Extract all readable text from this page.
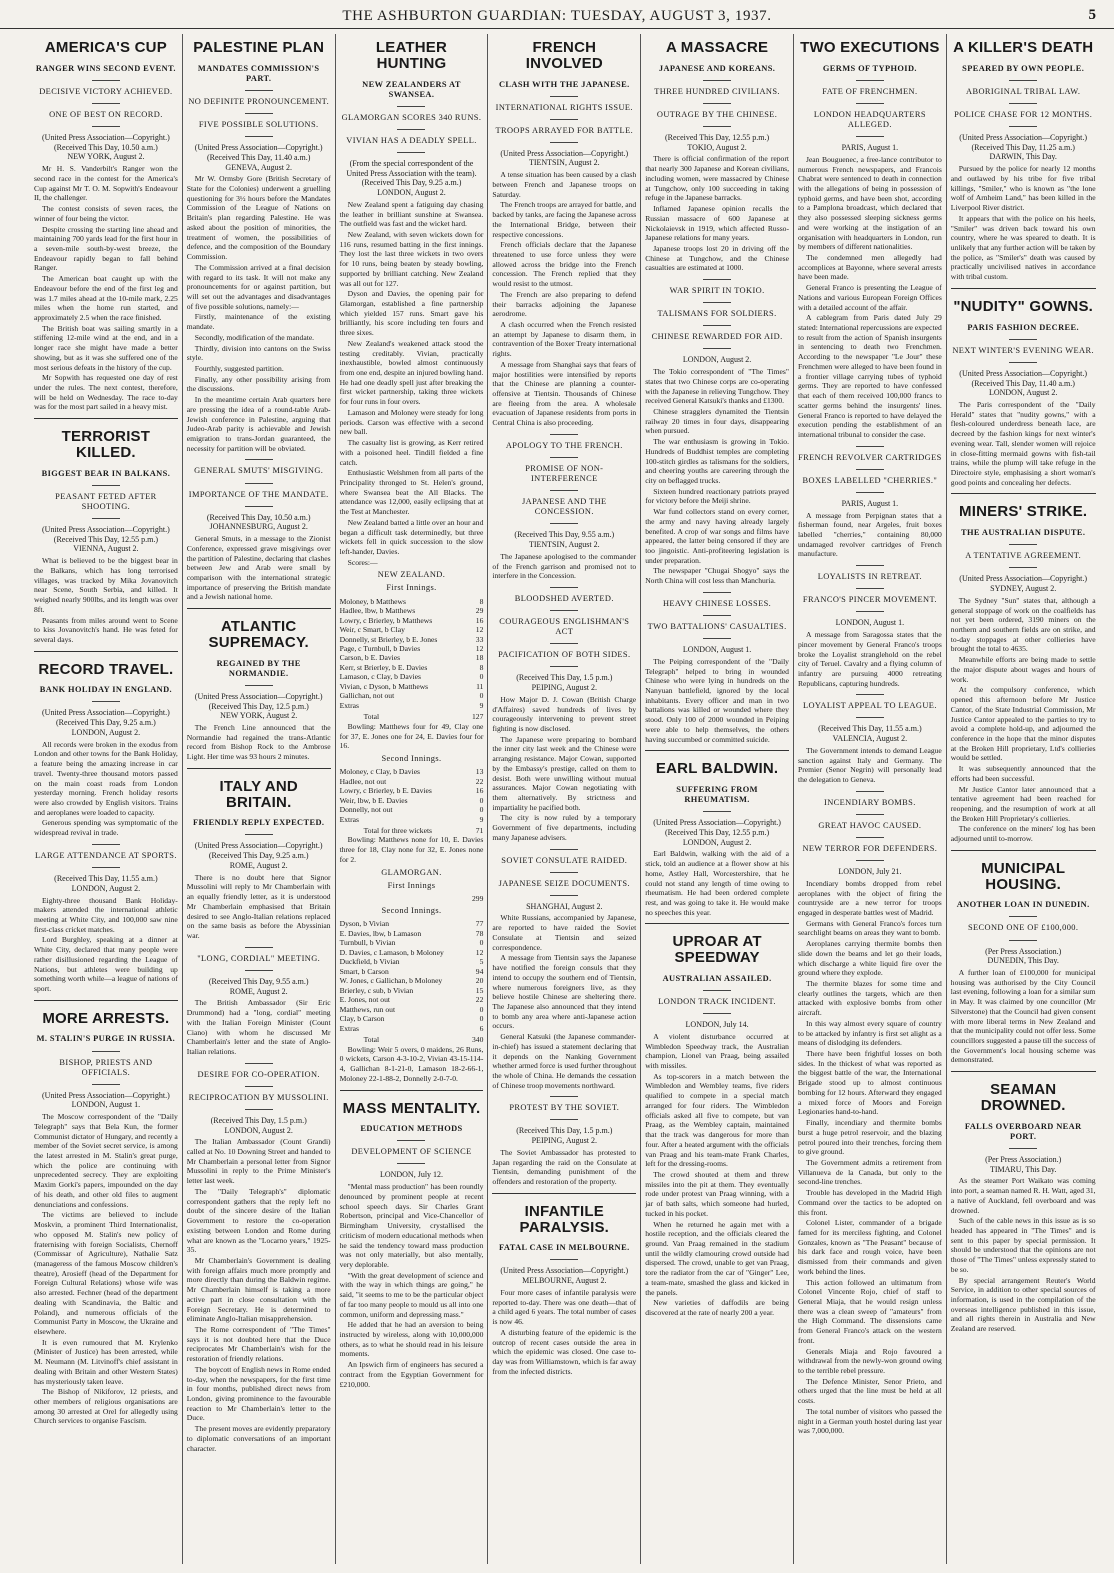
THE ASHBURTON GUARDIAN: TUESDAY, AUGUST 3, 1937.	5
AMERICA'S CUP
RANGER WINS SECOND EVENT.
DECISIVE VICTORY ACHIEVED.
ONE OF BEST ON RECORD.
(United Press Association—Copyright.)
(Received This Day, 10.50 a.m.)
NEW YORK, August 2.

Mr H. S. Vanderbilt's Ranger won the second race in the contest for the America's Cup against Mr T. O. M. Sopwith's Endeavour II, the challenger.

The contest consists of seven races, the winner of four being the victor.

Despite crossing the starting line ahead and maintaining 700 yards lead for the first hour in a seven-mile south-by-west breeze, the Endeavour rapidly began to fall behind Ranger.

The American boat caught up with the Endeavour before the end of the first leg and was 1.7 miles ahead at the 10-mile mark, 2.25 miles when the home run started, and approximately 2.5 when the race finished.

The British boat was sailing smartly in a stiffening 12-mile wind at the end, and in a longer race she might have made a better showing, but as it was she suffered one of the most serious defeats in the history of the cup.

Mr Sopwith has requested one day of rest under the rules. The next contest, therefore, will be held on Wednesday. The race to-day was for the most part sailed in a heavy mist.

TERRORIST KILLED.
BIGGEST BEAR IN BALKANS.
PEASANT FETED AFTER SHOOTING.
(United Press Association—Copyright.)
(Received This Day, 12.55 p.m.)
VIENNA, August 2.

What is believed to be the biggest bear in the Balkans, which has long terrorised villages, was tracked by Mika Jovanovitch near Scene, South Serbia, and killed. It weighed nearly 900lbs, and its length was over 8ft.

Peasants from miles around went to Scene to kiss Jovanovitch's hand. He was feted for several days.

RECORD TRAVEL.
BANK HOLIDAY IN ENGLAND.
(United Press Association—Copyright.)
(Received This Day, 9.25 a.m.)
LONDON, August 2.

All records were broken in the exodus from London and other towns for the Bank Holiday, a feature being the amazing increase in car travel. Twenty-three thousand motors passed on the main coast roads from London yesterday morning. French holiday resorts were also crowded by English visitors. Trains and aeroplanes were loaded to capacity.

Generous spending was symptomatic of the widespread revival in trade.

LARGE ATTENDANCE AT SPORTS.
(Received This Day, 11.55 a.m.)
LONDON, August 2.

Eighty-three thousand Bank Holiday-makers attended the international athletic meeting at White City, and 100,000 saw nine first-class cricket matches.

Lord Burghley, speaking at a dinner at White City, declared that many people were rather disillusioned regarding the League of Nations, but athletes were building up something worth while—a league of nations of sport.

MORE ARRESTS.
M. STALIN'S PURGE IN RUSSIA.
BISHOP, PRIESTS AND OFFICIALS.
(United Press Association—Copyright.)
LONDON, August 1.

The Moscow correspondent of the "Daily Telegraph" says that Bela Kun, the former Communist dictator of Hungary, and recently a member of the Soviet secret service, is among the latest arrested in M. Stalin's great purge, which the police are continuing with unprecedented secrecy. They are exploiting Maxim Gorki's papers, impounded on the day of his death, and other old files to augment denunciations and confessions.

The victims are believed to include Moskvin, a prominent Third Internationalist, who opposed M. Stalin's new policy of fraternising with foreign Socialists, Chernoff (Commissar of Agriculture), Nathalie Satz (manageress of the famous Moscow children's theatre), Arosieff (head of the Department for Foreign Cultural Relations) whose wife was also arrested. Fechner (head of the department dealing with Scandinavia, the Baltic and Poland), and numerous officials of the Communist Party in Moscow, the Ukraine and elsewhere.

It is even rumoured that M. Krylenko (Minister of Justice) has been arrested, while M. Neumann (M. Litvinoff's chief assistant in dealing with Britain and other Western States) has mysteriously taken leave.

The Bishop of Nikiforov, 12 priests, and other members of religious organisations are among 30 arrested at Orel for allegedly using Church services to organise Fascism.

PALESTINE PLAN
MANDATES COMMISSION'S PART.
NO DEFINITE PRONOUNCEMENT.
FIVE POSSIBLE SOLUTIONS.
(United Press Association—Copyright.)
(Received This Day, 11.40 a.m.)
GENEVA, August 2.

Mr W. Ormsby Gore (British Secretary of State for the Colonies) underwent a gruelling questioning for 3½ hours before the Mandates Commission of the League of Nations on Britain's plan regarding Palestine. He was asked about the position of minorities, the treatment of women, the possibilities of defence, and the composition of the Boundary Commission.

The Commission arrived at a final decision with regard to its task. It will not make any pronouncements for or against partition, but will set out the advantages and disadvantages of five possible solutions, namely:—

Firstly, maintenance of the existing mandate.

Secondly, modification of the mandate.

Thirdly, division into cantons on the Swiss style.

Fourthly, suggested partition.

Finally, any other possibility arising from the discussions.

In the meantime certain Arab quarters here are pressing the idea of a round-table Arab-Jewish conference in Palestine, arguing that Judeo-Arab parity is achievable and Jewish emigration to trans-Jordan guaranteed, the necessity for partition will be obviated.

GENERAL SMUTS' MISGIVING.
IMPORTANCE OF THE MANDATE.
(Received This Day, 10.50 a.m.)
JOHANNESBURG, August 2.

General Smuts, in a message to the Zionist Conference, expressed grave misgivings over the partition of Palestine, declaring that clashes between Jew and Arab were small by comparison with the international strategic importance of preserving the British mandate and a Jewish national home.

ATLANTIC SUPREMACY.
REGAINED BY THE NORMANDIE.
(United Press Association—Copyright.)
(Received This Day, 12.5 p.m.)
NEW YORK, August 2.

The French Line announced that the Normandie had regained the trans-Atlantic record from Bishop Rock to the Ambrose Light. Her time was 93 hours 2 minutes.

ITALY AND BRITAIN.
FRIENDLY REPLY EXPECTED.
(United Press Association—Copyright.)
(Received This Day, 9.25 a.m.)
ROME, August 2.

There is no doubt here that Signor Mussolini will reply to Mr Chamberlain with an equally friendly letter, as it is understood Mr Chamberlain emphasised that Britain desired to see Anglo-Italian relations replaced on the same basis as before the Abyssinian war.

"LONG, CORDIAL" MEETING.
(Received This Day, 9.55 a.m.)
ROME, August 2.

The British Ambassador (Sir Eric Drummond) had a "long, cordial" meeting with the Italian Foreign Minister (Count Ciano) with whom he discussed Mr Chamberlain's letter and the state of Anglo-Italian relations.

DESIRE FOR CO-OPERATION.
RECIPROCATION BY MUSSOLINI.
(Received This Day, 1.5 p.m.)
LONDON, August 2.

The Italian Ambassador (Count Grandi) called at No. 10 Downing Street and handed to Mr Chamberlain a personal letter from Signor Mussolini in reply to the Prime Minister's letter last week.

The "Daily Telegraph's" diplomatic correspondent gathers that the reply left no doubt of the sincere desire of the Italian Government to restore the co-operation existing between London and Rome during what are known as the "Locarno years," 1925-35.

Mr Chamberlain's Government is dealing with foreign affairs much more promptly and more directly than during the Baldwin regime. Mr Chamberlain himself is taking a more active part in close consultation with the Foreign Secretary. He is determined to eliminate Anglo-Italian misapprehension.

The Rome correspondent of "The Times" says it is not doubted here that the Duce reciprocates Mr Chamberlain's wish for the restoration of friendly relations.

The boycott of English news in Rome ended to-day, when the newspapers, for the first time in four months, published direct news from London, giving prominence to the favourable reaction to Mr Chamberlain's letter to the Duce.

The present moves are evidently preparatory to diplomatic conversations of an important character.

LEATHER HUNTING
NEW ZEALANDERS AT SWANSEA.
GLAMORGAN SCORES 340 RUNS.
VIVIAN HAS A DEADLY SPELL.
(From the special correspondent of the United Press Association with the team).
(Received This Day, 9.25 a.m.)
LONDON, August 2.

New Zealand spent a fatiguing day chasing the leather in brilliant sunshine at Swansea. The outfield was fast and the wicket hard.

New Zealand, with seven wickets down for 116 runs, resumed batting in the first innings. They lost the last three wickets in two overs for 10 runs, being beaten by steady bowling, supported by brilliant catching. New Zealand was all out for 127.

Dyson and Davies, the opening pair for Glamorgan, established a fine partnership which yielded 157 runs. Smart gave his brilliantly, his score including ten fours and three sixes.

New Zealand's weakened attack stood the testing creditably. Vivian, practically inexhaustible, bowled almost continuously from one end, despite an injured bowling hand. He had one deadly spell just after breaking the first wicket partnership, taking three wickets for four runs in four overs.

Lamason and Moloney were steady for long periods. Carson was effective with a second new ball.

The casualty list is growing, as Kerr retired with a poisoned heel. Tindill fielded a fine catch.

Enthusiastic Welshmen from all parts of the Principality thronged to St. Helen's ground, where Swansea beat the All Blacks. The attendance was 12,000, easily eclipsing that at the Test at Manchester.

New Zealand batted a little over an hour and began a difficult task determinedly, but three wickets fell in quick succession to the slow left-hander, Davies.

Scores:—

NEW ZEALAND.
First Innings.
Moloney, b Matthews	8
Hadlee, lbw, b Matthews	29
Lowry, c Brierley, b Matthews	16
Weir, c Smart, b Clay	12
Donnelly, st Brierley, b E. Jones	33
Page, c Turnbull, b Davies	12
Carson, b E. Davies	18
Kerr, st Brierley, b E. Davies	8
Lamason, c Clay, b Davies	0
Vivian, c Dyson, b Matthews	11
Gallichan, not out	0
Extras	9
Total	127

Bowling: Matthews four for 49, Clay one for 37, E. Jones one for 24, E. Davies four for 16.

Second Innings.
Moloney, c Clay, b Davies	13
Hadlee, not out	22
Lowry, c Brierley, b E. Davies	16
Weir, lbw, b E. Davies	0
Donnelly, not out	0
Extras	9
Total for three wickets	71

Bowling: Matthews none for 10, E. Davies three for 18, Clay none for 32, E. Jones none for 2.

GLAMORGAN.
First Innings
299
Second Innings.
Dyson, b Vivian	77
E. Davies, lbw, b Lamason	78
Turnbull, b Vivian	0
D. Davies, c Lamason, b Moloney	12
Duckfield, b Vivian	5
Smart, b Carson	94
W. Jones, c Gallichan, b Moloney	20
Brierley, c sub, b Vivian	15
E. Jones, not out	22
Matthews, run out	0
Clay, b Carson	0
Extras	6
Total	340

Bowling: Weir 5 overs, 0 maidens, 26 Runs, 0 wickets, Carson 4-3-10-2, Vivian 43-15-114-4, Gallichan 8-1-21-0, Lamason 18-2-66-1, Moloney 22-1-88-2, Donnelly 2-0-7-0.

MASS MENTALITY.
EDUCATION METHODS
DEVELOPMENT OF SCIENCE
LONDON, July 12.

"Mental mass production" has been roundly denounced by prominent people at recent school speech days. Sir Charles Grant Robertson, principal and Vice-Chancellor of Birmingham University, crystallised the criticism of modern educational methods when he said the tendency toward mass production was not only materially, but also mentally, very deplorable.

"With the great development of science and with the way in which things are going," he said, "it seems to me to be the particular object of far too many people to mould us all into one common, uniform and depressing mass."

He added that he had an aversion to being instructed by wireless, along with 10,000,000 others, as to what he should read in his leisure moments.

An Ipswich firm of engineers has secured a contract from the Egyptian Government for £210,000.

FRENCH INVOLVED
CLASH WITH THE JAPANESE.
INTERNATIONAL RIGHTS ISSUE.
TROOPS ARRAYED FOR BATTLE.
(United Press Association—Copyright.)
TIENTSIN, August 2.

A tense situation has been caused by a clash between French and Japanese troops on Saturday.

The French troops are arrayed for battle, and backed by tanks, are facing the Japanese across the International Bridge, between their respective concessions.

French officials declare that the Japanese threatened to use force unless they were allowed across the bridge into the French concession. The French replied that they would resist to the utmost.

The French are also preparing to defend their barracks adjoining the Japanese aerodrome.

A clash occurred when the French resisted an attempt by Japanese to disarm them, in contravention of the Boxer Treaty international rights.

A message from Shanghai says that fears of major hostilities were intensified by reports that the Chinese are planning a counter-offensive at Tientsin. Thousands of Chinese are fleeing from the area. A wholesale evacuation of Japanese residents from ports in Central China is also proceeding.

APOLOGY TO THE FRENCH.
PROMISE OF NON-INTERFERENCE
JAPANESE AND THE CONCESSION.
(Received This Day, 9.55 a.m.)
TIENTSIN, August 2.

The Japanese apologised to the commander of the French garrison and promised not to interfere in the Concession.

BLOODSHED AVERTED.
COURAGEOUS ENGLISHMAN'S ACT
PACIFICATION OF BOTH SIDES.
(Received This Day, 1.5 p.m.)
PEIPING, August 2.

How Major D. J. Cowan (British Charge d'Affaires) saved hundreds of lives by courageously intervening to prevent street fighting is now disclosed.

The Japanese were preparing to bombard the inner city last week and the Chinese were arranging resistance. Major Cowan, supported by the Embassy's prestige, called on them to desist. Both were unwilling without mutual assurances. Major Cowan negotiating with them alternatively. By strictness and impartiality he pacified both.

The city is now ruled by a temporary Government of five departments, including many Japanese advisers.

SOVIET CONSULATE RAIDED.
JAPANESE SEIZE DOCUMENTS.
SHANGHAI, August 2.

White Russians, accompanied by Japanese, are reported to have raided the Soviet Consulate at Tientsin and seized correspondence.

A message from Tientsin says the Japanese have notified the foreign consuls that they intend to occupy the southern end of Tientsin, where numerous foreigners live, as they believe hostile Chinese are sheltering there. The Japanese also announced that they intend to bomb any area where anti-Japanese action occurs.

General Katsuki (the Japanese commander-in-chief) has issued a statement declaring that it depends on the Nanking Government whether armed force is used further throughout the whole of China. He demands the cessation of Chinese troop movements northward.

PROTEST BY THE SOVIET.
(Received This Day, 1.5 p.m.)
PEIPING, August 2.

The Soviet Ambassador has protested to Japan regarding the raid on the Consulate at Tientsin, demanding punishment of the offenders and restoration of the property.

INFANTILE PARALYSIS.
FATAL CASE IN MELBOURNE.
(United Press Association—Copyright.)
MELBOURNE, August 2.

Four more cases of infantile paralysis were reported to-day. There was one death—that of a child aged 6 years. The total number of cases is now 46.

A disturbing feature of the epidemic is the outcrop of recent cases outside the area in which the epidemic was closed. One case to-day was from Williamstown, which is far away from the infected districts.

A MASSACRE
JAPANESE AND KOREANS.
THREE HUNDRED CIVILIANS.
OUTRAGE BY THE CHINESE.
(Received This Day, 12.55 p.m.)
TOKIO, August 2.

There is official confirmation of the report that nearly 300 Japanese and Korean civilians, including women, were massacred by Chinese at Tungchow, only 100 succeeding in taking refuge in the Japanese barracks.

Inflamed Japanese opinion recalls the Russian massacre of 600 Japanese at Nickolaievsk in 1919, which affected Russo-Japanese relations for many years.

Japanese troops lost 20 in driving off the Chinese at Tungchow, and the Chinese casualties are estimated at 1000.

WAR SPIRIT IN TOKIO.
TALISMANS FOR SOLDIERS.
CHINESE REWARDED FOR AID.
LONDON, August 2.

The Tokio correspondent of "The Times" states that two Chinese corps are co-operating with the Japanese in relieving Tungchow. They received General Katsuki's thanks and £1300.

Chinese stragglers dynamited the Tientsin railway 20 times in four days, disappearing when pursued.

The war enthusiasm is growing in Tokio. Hundreds of Buddhist temples are completing 100-stitch girdles as talismans for the soldiers, and cheering youths are careering through the city on beflagged trucks.

Sixteen hundred reactionary patriots prayed for victory before the Meiji shrine.

War fund collectors stand on every corner, the army and navy having already largely benefited. A crop of war songs and films have appeared, the latter being censored if they are too jingoistic. Anti-profiteering legislation is under preparation.

The newspaper "Chugai Shogyo" says the North China will cost less than Manchuria.

HEAVY CHINESE LOSSES.
TWO BATTALIONS' CASUALTIES.
LONDON, August 1.

The Peiping correspondent of the "Daily Telegraph" helped to bring in wounded Chinese who were lying in hundreds on the Nanyuan battlefield, ignored by the local inhabitants. Every officer and man in two battalions was killed or wounded where they stood. Only 100 of 2000 wounded in Peiping were able to help themselves, the others having succumbed or committed suicide.

EARL BALDWIN.
SUFFERING FROM RHEUMATISM.
(United Press Association—Copyright.)
(Received This Day, 12.55 p.m.)
LONDON, August 2.

Earl Baldwin, walking with the aid of a stick, told an audience at a flower show at his home, Astley Hall, Worcestershire, that he could not stand any length of time owing to rheumatism. He had been ordered complete rest, and was going to take it. He would make no speeches this year.

UPROAR AT SPEEDWAY
AUSTRALIAN ASSAILED.
LONDON TRACK INCIDENT.
LONDON, July 14.

A violent disturbance occurred at Wimbledon Speedway track, the Australian champion, Lionel van Praag, being assailed with missiles.

As top-scorers in a match between the Wimbledon and Wembley teams, five riders qualified to compete in a special match arranged for four riders. The Wimbledon officials asked all five to compete, but van Praag, as the Wembley captain, maintained that the track was dangerous for more than four. After a heated argument with the officials van Praag and his team-mate Frank Charles, left for the dressing-rooms.

The crowd shouted at them and threw missiles into the pit at them. They eventually rode under protest van Praag winning, with a jar of bath salts, which someone had hurled, tucked in his pocket.

When he returned he again met with a hostile reception, and the officials cleared the ground. Van Praag remained in the stadium until the wildly clamouring crowd outside had dispersed. The crowd, unable to get van Praag, tore the radiator from the car of "Ginger" Lee, a team-mate, smashed the glass and kicked in the panels.

New varieties of daffodils are being discovered at the rate of nearly 200 a year.

TWO EXECUTIONS
GERMS OF TYPHOID.
FATE OF FRENCHMEN.
LONDON HEADQUARTERS ALLEGED.
PARIS, August 1.

Jean Bouguenec, a free-lance contributor to numerous French newspapers, and Francois Chabrat were sentenced to death in connection with the allegations of being in possession of typhoid germs, and have been shot, according to a Pamplona broadcast, which declared that they also possessed sleeping sickness germs and were working at the instigation of an organisation with headquarters in London, run by members of different nationalities.

The condemned men allegedly had accomplices at Bayonne, where several arrests have been made.

General Franco is presenting the League of Nations and various European Foreign Offices with a detailed account of the affair.

A cablegram from Paris dated July 29 stated: International repercussions are expected to result from the action of Spanish insurgents in sentencing to death two Frenchmen. According to the newspaper "Le Jour" these Frenchmen were alleged to have been found in a frontier village carrying tubes of typhoid germs. They are reported to have confessed that each of them received 100,000 francs to scatter germs behind the insurgents' lines. General Franco is reported to have delayed the execution pending the establishment of an international tribunal to consider the case.

FRENCH REVOLVER CARTRIDGES
BOXES LABELLED "CHERRIES."
PARIS, August 1.

A message from Perpignan states that a fisherman found, near Argeles, fruit boxes labelled "cherries," containing 80,000 undamaged revolver cartridges of French manufacture.

LOYALISTS IN RETREAT.
FRANCO'S PINCER MOVEMENT.
LONDON, August 1.

A message from Saragossa states that the pincer movement by General Franco's troops broke the Loyalist stranglehold on the rebel city of Teruel. Cavalry and a flying column of infantry are pursuing 4000 retreating Republicans, capturing hundreds.

LOYALIST APPEAL TO LEAGUE.
(Received This Day, 11.55 a.m.)
VALENCIA, August 2.

The Government intends to demand League sanction against Italy and Germany. The Premier (Senor Negrin) will personally lead the delegation to Geneva.

INCENDIARY BOMBS.
GREAT HAVOC CAUSED.
NEW TERROR FOR DEFENDERS.
LONDON, July 21.

Incendiary bombs dropped from rebel aeroplanes with the object of firing the countryside are a new terror for troops engaged in desperate battles west of Madrid.

Germans with General Franco's forces turn searchlight beams on areas they want to bomb.

Aeroplanes carrying thermite bombs then slide down the beams and let go their loads, which discharge a white liquid fire over the ground where they explode.

The thermite blazes for some time and clearly outlines the targets, which are then attacked with explosive bombs from other aircraft.

In this way almost every square of country to be attacked by infantry is first set alight as a means of dislodging its defenders.

There have been frightful losses on both sides. In the thickest of what was reported as the biggest battle of the war, the International Brigade stood up to almost continuous bombing for 12 hours. Afterward they engaged a mixed force of Moors and Foreign Legionaries hand-to-hand.

Finally, incendiary and thermite bombs burst a huge petrol reservoir, and the blazing petrol poured into their trenches, forcing them to give ground.

The Government admits a retirement from Villanueva de la Canada, but only to the second-line trenches.

Trouble has developed in the Madrid High Command over the tactics to be adopted on this front.

Colonel Lister, commander of a brigade famed for its merciless fighting, and Colonel Gonzales, known as "The Peasant" because of his dark face and rough voice, have been dismissed from their commands and given work behind the lines.

This action followed an ultimatum from Colonel Vincente Rojo, chief of staff to General Miaja, that he would resign unless there was a clean sweep of "amateurs" from the High Command. The dissensions came from General Franco's attack on the western front.

Generals Miaja and Rojo favoured a withdrawal from the newly-won ground owing to the terrible rebel pressure.

The Defence Minister, Senor Prieto, and others urged that the line must be held at all costs.

The total number of visitors who passed the night in a German youth hostel during last year was 7,000,000.

A KILLER'S DEATH
SPEARED BY OWN PEOPLE.
ABORIGINAL TRIBAL LAW.
POLICE CHASE FOR 12 MONTHS.
(United Press Association—Copyright.)
(Received This Day, 11.25 a.m.)
DARWIN, This Day.

Pursued by the police for nearly 12 months and outlawed by his tribe for five tribal killings, "Smiler," who is known as "the lone wolf of Arnheim Land," has been killed in the Liverpool River district.

It appears that with the police on his heels, "Smiler" was driven back toward his own country, where he was speared to death. It is unlikely that any further action will be taken by the police, as "Smiler's" death was caused by practically uncivilised natives in accordance with tribal custom.

"NUDITY" GOWNS.
PARIS FASHION DECREE.
NEXT WINTER'S EVENING WEAR.
(United Press Association—Copyright.)
(Received This Day, 11.40 a.m.)
LONDON, August 2.

The Paris correspondent of the "Daily Herald" states that "nudity gowns," with a flesh-coloured underdress beneath lace, are decreed by the fashion kings for next winter's evening wear. Tall, slender women will rejoice in close-fitting mermaid gowns with fish-tail trains, while the plump will take refuge in the Directoire style, emphasising a short woman's good points and concealing her defects.

MINERS' STRIKE.
THE AUSTRALIAN DISPUTE.
A TENTATIVE AGREEMENT.
(United Press Association—Copyright.)
SYDNEY, August 2.

The Sydney "Sun" states that, although a general stoppage of work on the coalfields has not yet been ordered, 3190 miners on the northern and southern fields are on strike, and to-day stoppages at other collieries have brought the total to 4635.

Meanwhile efforts are being made to settle the major dispute about wages and hours of work.

At the compulsory conference, which opened this afternoon before Mr Justice Cantor, of the State Industrial Commission, Mr Justice Cantor appealed to the parties to try to avoid a complete hold-up, and adjourned the conference in the hope that the minor disputes at the Broken Hill proprietary, Ltd's collieries would be settled.

It was subsequently announced that the efforts had been successful.

Mr Justice Cantor later announced that a tentative agreement had been reached for reopening, and the resumption of work at all the Broken Hill Proprietary's collieries.

The conference on the miners' log has been adjourned until to-morrow.

MUNICIPAL HOUSING.
ANOTHER LOAN IN DUNEDIN.
SECOND ONE OF £100,000.
(Per Press Association.)
DUNEDIN, This Day.

A further loan of £100,000 for municipal housing was authorised by the City Council last evening, following a loan for a similar sum in May. It was claimed by one councillor (Mr Silverstone) that the Council had given consent with more liberal terms in New Zealand and that the municipality could not offer less. Some councillors suggested a pause till the success of the Government's local housing scheme was demonstrated.

SEAMAN DROWNED.
FALLS OVERBOARD NEAR PORT.
(Per Press Association.)
TIMARU, This Day.

As the steamer Port Waikato was coming into port, a seaman named R. H. Watt, aged 31, a native of Auckland, fell overboard and was drowned.

Such of the cable news in this issue as is so headed has appeared in "The Times" and is sent to this paper by special permission. It should be understood that the opinions are not those of "The Times" unless expressly stated to be so.

By special arrangement Reuter's World Service, in addition to other special sources of information, is used in the compilation of the overseas intelligence published in this issue, and all rights therein in Australia and New Zealand are reserved.
